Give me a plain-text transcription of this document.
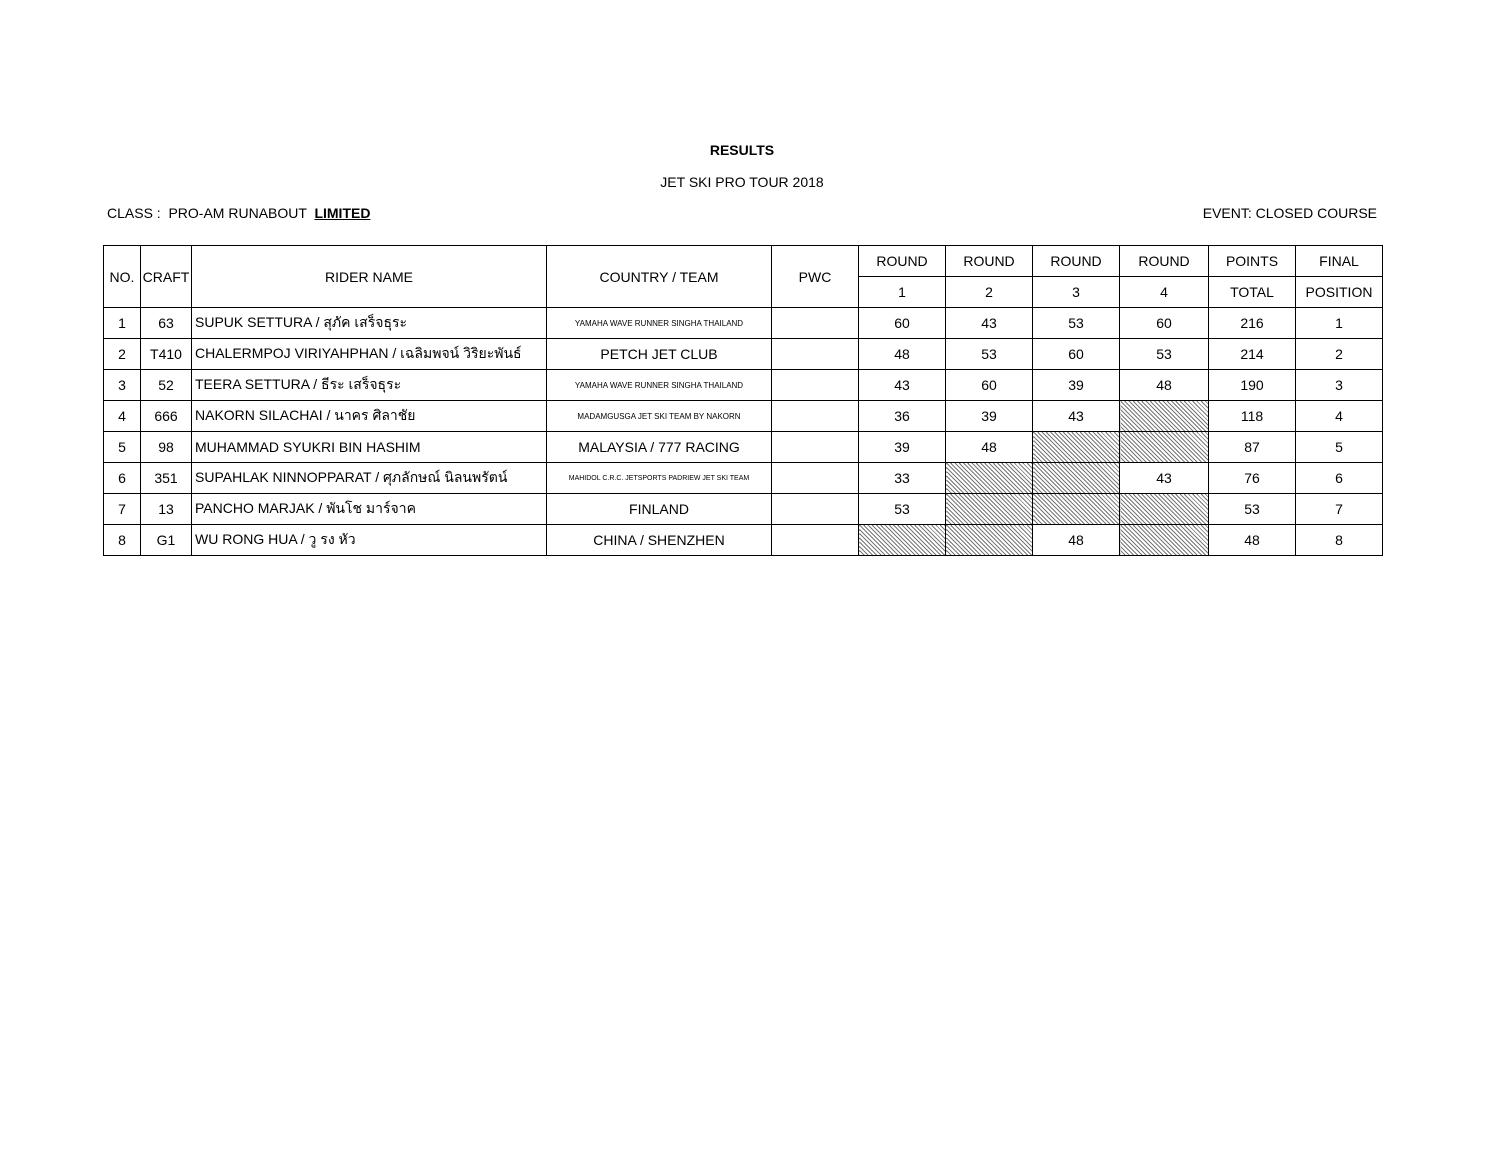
RESULTS
JET SKI PRO TOUR 2018
CLASS :  PRO-AM RUNABOUT LIMITED	EVENT: CLOSED COURSE
NO.	CRAFT	RIDER NAME	COUNTRY / TEAM	PWC	ROUND	ROUND	ROUND	ROUND	POINTS	FINAL
					1	2	3	4	TOTAL	POSITION
1	63	SUPUK SETTURA / สุภัค เสร็จธุระ	YAMAHA WAVE RUNNER SINGHA THAILAND		60	43	53	60	216	1
2	T410	CHALERMPOJ VIRIYAHPHAN / เฉลิมพจน์ วิริยะพันธ์	PETCH JET CLUB		48	53	60	53	214	2
3	52	TEERA SETTURA / ธีระ เสร็จธุระ	YAMAHA WAVE RUNNER SINGHA THAILAND		43	60	39	48	190	3
4	666	NAKORN SILACHAI / นาคร ศิลาชัย	MADAMGUSGA JET SKI TEAM BY NAKORN		36	39	43		118	4
5	98	MUHAMMAD SYUKRI BIN HASHIM	MALAYSIA / 777 RACING		39	48			87	5
6	351	SUPAHLAK NINNOPPARAT / ศุภลักษณ์ นิลนพรัตน์	MAHIDOL C.R.C. JETSPORTS PADRIEW JET SKI TEAM		33			43	76	6
7	13	PANCHO MARJAK / พันโช มาร์จาค	FINLAND		53				53	7
8	G1	WU RONG HUA / วู รง หัว	CHINA / SHENZHEN				48		48	8
